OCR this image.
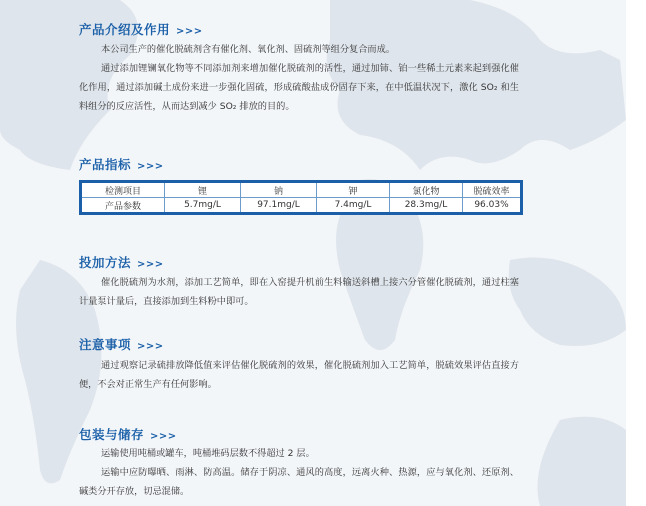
产品介绍及作用 >>>

本公司生产的催化脱硫剂含有催化剂、氧化剂、固硫剂等组分复合而成。

通过添加锂镧氧化物等不同添加剂来增加催化脱硫剂的活性，通过加铈、铂一些稀土元素来起到强化催化作用，通过添加碱土成份来进一步强化固硫，形成硫酸盐成份固存下来，在中低温状况下，激化 SO₂ 和生料组分的反应活性，从而达到减少 SO₂ 排放的目的。

产品指标 >>>
检测项目	锂	钠	钾	氯化物	脱硫效率
产品参数	5.7mg/L	97.1mg/L	7.4mg/L	28.3mg/L	96.03%
投加方法 >>>

催化脱硫剂为水剂，添加工艺简单，即在入窑提升机前生料输送斜槽上接六分管催化脱硫剂，通过柱塞计量泵计量后，直接添加到生料粉中即可。

注意事项 >>>

通过观察记录硫排放降低值来评估催化脱硫剂的效果，催化脱硫剂加入工艺简单，脱硫效果评估直接方便，不会对正常生产有任何影响。

包装与储存 >>>

运输使用吨桶或罐车，吨桶堆码层数不得超过 2 层。

运输中应防曝晒、雨淋、防高温。储存于阴凉、通风的高度，远离火种、热源，应与氧化剂、还原剂、碱类分开存放，切忌混储。
